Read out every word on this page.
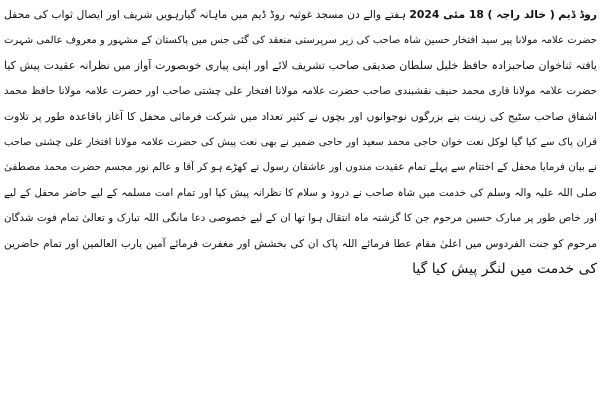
روڈ ڈیم ( خالد راجہ ) 18 مئی 2024 ہفتے والے دن مسجد غوثیہ روڈ ڈیم میں ماہانہ گیارہویں شریف اور ایصال ثواب کی محفل
حضرت علامہ مولانا پیر سید افتخار حسین شاہ صاحب کی زیر سرپرستی منعقد کی گئی جس میں پاکستان کے مشہور و معروف عالمی شہرت
یافتہ ثناخوان صاحبزادہ حافظ خلیل سلطان صدیقی صاحب تشریف لائے اور اپنی پیاری خوبصورت آواز میں نظرانہ عقیدت پیش کیا
حضرت علامہ مولانا قاری محمد حنیف نقشبندی صاحب حضرت علامہ مولانا افتخار علی چشتی صاحب اور حضرت علامہ مولانا حافظ محمد
اشفاق صاحب سٹیج کی زینت بنے بزرگوں نوجوانوں اور بچوں نے کثیر تعداد میں شرکت فرمائی محفل کا آغاز باقاعدہ طور پر تلاوت
قران پاک سے کیا گیا لوکل نعت خوان حاجی محمد سعید اور حاجی ضمیر نے بھی نعت پیش کی حضرت علامہ مولانا افتخار علی چشتی صاحب
نے بیان فرمایا محفل کے اختتام سے پہلے تمام عقیدت مندوں اور عاشقان رسول نے کھڑے ہو کر آقا و عالم نور مجسم حضرت محمد مصطفیٰ
صلی اللہ علیہ والہ وسلم کی خدمت میں شاہ صاحب نے درود و سلام کا نظرانہ پیش کیا اور تمام امت مسلمہ کے لیے حاضر محفل کے لیے
اور خاص طور پر مبارک حسین مرحوم جن کا گزشتہ ماہ انتقال ہوا تھا ان کے لیے خصوصی دعا مانگی اللہ تبارک و تعالیٰ تمام فوت شدگان
مرحوم کو جنت الفردوس میں اعلیٰ مقام عطا فرمائے اللہ پاک ان کی بخشش اور مغفرت فرمائے آمین یارب العالمین اور تمام حاضرین
کی خدمت میں لنگر پیش کیا گیا
